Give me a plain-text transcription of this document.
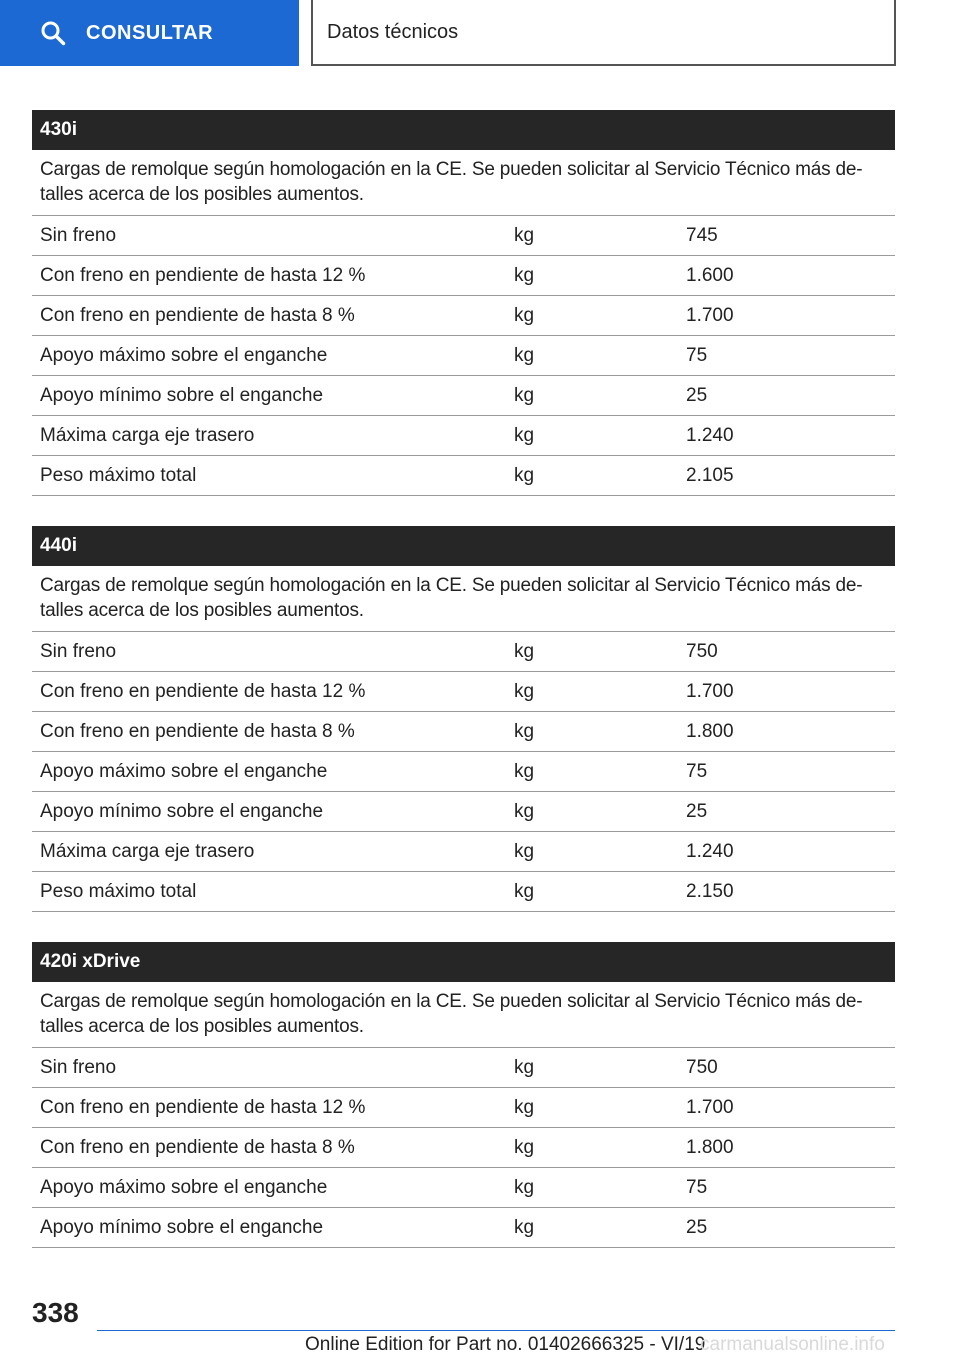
CONSULTAR	Datos técnicos
430i
Cargas de remolque según homologación en la CE. Se pueden solicitar al Servicio Técnico más de-talles acerca de los posibles aumentos.
Sin freno	kg	745
Con freno en pendiente de hasta 12 %	kg	1.600
Con freno en pendiente de hasta 8 %	kg	1.700
Apoyo máximo sobre el enganche	kg	75
Apoyo mínimo sobre el enganche	kg	25
Máxima carga eje trasero	kg	1.240
Peso máximo total	kg	2.105
440i
Cargas de remolque según homologación en la CE. Se pueden solicitar al Servicio Técnico más de-talles acerca de los posibles aumentos.
Sin freno	kg	750
Con freno en pendiente de hasta 12 %	kg	1.700
Con freno en pendiente de hasta 8 %	kg	1.800
Apoyo máximo sobre el enganche	kg	75
Apoyo mínimo sobre el enganche	kg	25
Máxima carga eje trasero	kg	1.240
Peso máximo total	kg	2.150
420i xDrive
Cargas de remolque según homologación en la CE. Se pueden solicitar al Servicio Técnico más de-talles acerca de los posibles aumentos.
Sin freno	kg	750
Con freno en pendiente de hasta 12 %	kg	1.700
Con freno en pendiente de hasta 8 %	kg	1.800
Apoyo máximo sobre el enganche	kg	75
Apoyo mínimo sobre el enganche	kg	25
338
Online Edition for Part no. 01402666325 - VI/19
carmanualsonline.info
